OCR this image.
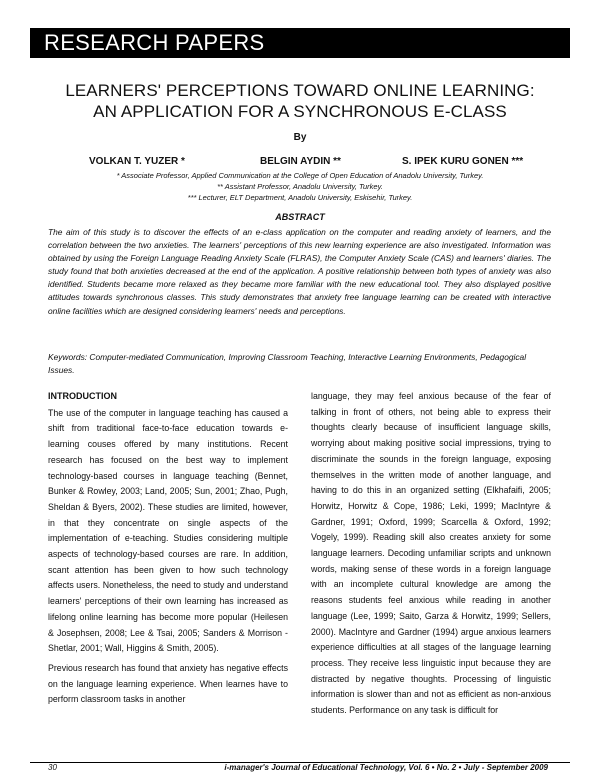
RESEARCH PAPERS
LEARNERS' PERCEPTIONS TOWARD ONLINE LEARNING:
AN APPLICATION FOR A SYNCHRONOUS E-CLASS
By
VOLKAN T. YUZER *	BELGIN AYDIN **	S. IPEK KURU GONEN ***
* Associate Professor, Applied Communication at the College of Open Education of Anadolu University, Turkey.
** Assistant Professor, Anadolu University, Turkey.
*** Lecturer, ELT Department, Anadolu University, Eskisehir, Turkey.
ABSTRACT
The aim of this study is to discover the effects of an e-class application on the computer and reading anxiety of learners, and the correlation between the two anxieties. The learners' perceptions of this new learning experience are also investigated. Information was obtained by using the Foreign Language Reading Anxiety Scale (FLRAS), the Computer Anxiety Scale (CAS) and learners' diaries. The study found that both anxieties decreased at the end of the application. A positive relationship between both types of anxiety was also identified. Students became more relaxed as they became more familiar with the new educational tool. They also displayed positive attitudes towards synchronous classes. This study demonstrates that anxiety free language learning can be created with interactive online facilities which are designed considering learners' needs and perceptions.
Keywords: Computer-mediated Communication, Improving Classroom Teaching, Interactive Learning Environments, Pedagogical Issues.
INTRODUCTION

The use of the computer in language teaching has caused a shift from traditional face-to-face education towards e-learning couses offered by many institutions. Recent research has focused on the best way to implement technology-based courses in language teaching (Bennet, Bunker & Rowley, 2003; Land, 2005; Sun, 2001; Zhao, Pugh, Sheldan & Byers, 2002). These studies are limited, however, in that they concentrate on single aspects of the implementation of e-teaching. Studies considering multiple aspects of technology-based courses are rare. In addition, scant attention has been given to how such technology affects users. Nonetheless, the need to study and understand learners' perceptions of their own learning has increased as lifelong online learning has become more popular (Heilesen & Josephsen, 2008; Lee & Tsai, 2005; Sanders & Morrison - Shetlar, 2001; Wall, Higgins & Smith, 2005).

Previous research has found that anxiety has negative effects on the language learning experience. When learnes have to perform classroom tasks in another

language, they may feel anxious because of the fear of talking in front of others, not being able to express their thoughts clearly because of insufficient language skills, worrying about making positive social impressions, trying to discriminate the sounds in the foreign language, exposing themselves in the written mode of another language, and having to do this in an organized setting (Elkhafaifi, 2005; Horwitz, Horwitz & Cope, 1986; Leki, 1999; MacIntyre & Gardner, 1991; Oxford, 1999; Scarcella & Oxford, 1992; Vogely, 1999). Reading skill also creates anxiety for some language learners. Decoding unfamiliar scripts and unknown words, making sense of these words in a foreign language with an incomplete cultural knowledge are among the reasons students feel anxious while reading in another language (Lee, 1999; Saito, Garza & Horwitz, 1999; Sellers, 2000). MacIntyre and Gardner (1994) argue anxious learners experience difficulties at all stages of the language learning process. They receive less linguistic input because they are distracted by negative thoughts. Processing of linguistic information is slower than and not as efficient as non-anxious students. Performance on any task is difficult for

30	i-manager's Journal of Educational Technology, Vol. 6 • No. 2 • July - September 2009
